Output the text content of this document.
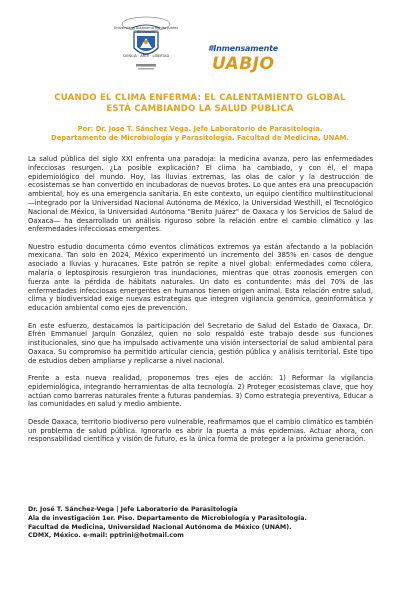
Universidad Autónoma Benito Juárez de Oaxaca
CIENCIA · ARTE · LIBERTAD
#Inmensamente
UABJO
CUANDO EL CLIMA ENFERMA: EL CALENTAMIENTO GLOBAL
ESTÁ CAMBIANDO LA SALUD PÚBLICA
Por: Dr. José T. Sánchez Vega. Jefe Laboratorio de Parasitología.
Departamento de Microbiología y Parasitología. Facultad de Medicina, UNAM.

La salud pública del siglo XXI enfrenta una paradoja: la medicina avanza, pero las enfermedades infecciosas resurgen. ¿La posible explicación? El clima ha cambiado, y con él, el mapa epidemiológico del mundo. Hoy, las lluvias extremas, las olas de calor y la destrucción de ecosistemas se han convertido en incubadoras de nuevos brotes. Lo que antes era una preocupación ambiental, hoy es una emergencia sanitaria. En este contexto, un equipo científico multiinstitucional —integrado por la Universidad Nacional Autónoma de México, la Universidad Westhill, el Tecnológico Nacional de México, la Universidad Autónoma "Benito Juárez" de Oaxaca y los Servicios de Salud de Oaxaca— ha desarrollado un análisis riguroso sobre la relación entre el cambio climático y las enfermedades infecciosas emergentes.

Nuestro estudio documenta cómo eventos climáticos extremos ya están afectando a la población mexicana. Tan solo en 2024, México experimentó un incremento del 385% en casos de dengue asociado a lluvias y huracanes. Este patrón se repite a nivel global: enfermedades como cólera, malaria o leptospirosis resurgieron tras inundaciones, mientras que otras zoonosis emergen con fuerza ante la pérdida de hábitats naturales. Un dato es contundente: más del 70% de las enfermedades infecciosas emergentes en humanos tienen origen animal. Esta relación entre salud, clima y biodiversidad exige nuevas estrategias que integren vigilancia genómica, geoinformática y educación ambiental como ejes de prevención.

En este esfuerzo, destacamos la participación del Secretario de Salud del Estado de Oaxaca, Dr. Efrén Emmanuel Jarquín González, quien no solo respaldó este trabajo desde sus funciones institucionales, sino que ha impulsado activamente una visión intersectorial de salud ambiental para Oaxaca. Su compromiso ha permitido articular ciencia, gestión pública y análisis territorial. Este tipo de estudios deben ampliarse y replicarse a nivel nacional.

Frente a esta nueva realidad, proponemos tres ejes de acción: 1) Reformar la vigilancia epidemiológica, integrando herramientas de alta tecnología. 2) Proteger ecosistemas clave, que hoy actúan como barreras naturales frente a futuras pandemias. 3) Como estrategia preventiva, Educar a las comunidades en salud y medio ambiente.

Desde Oaxaca, territorio biodiverso pero vulnerable, reafirmamos que el cambio climático es también un problema de salud pública. Ignorarlo es abrir la puerta a más epidemias. Actuar ahora, con responsabilidad científica y visión de futuro, es la única forma de proteger a la próxima generación.

Dr. José T. Sánchez-Vega | Jefe Laboratorio de Parasitología
Ala de investigación 1er. Piso. Departamento de Microbiología y Parasitología.
Facultad de Medicina, Universidad Nacional Autónoma de México (UNAM).
CDMX, México. e-mail: pptrini@hotmail.com
